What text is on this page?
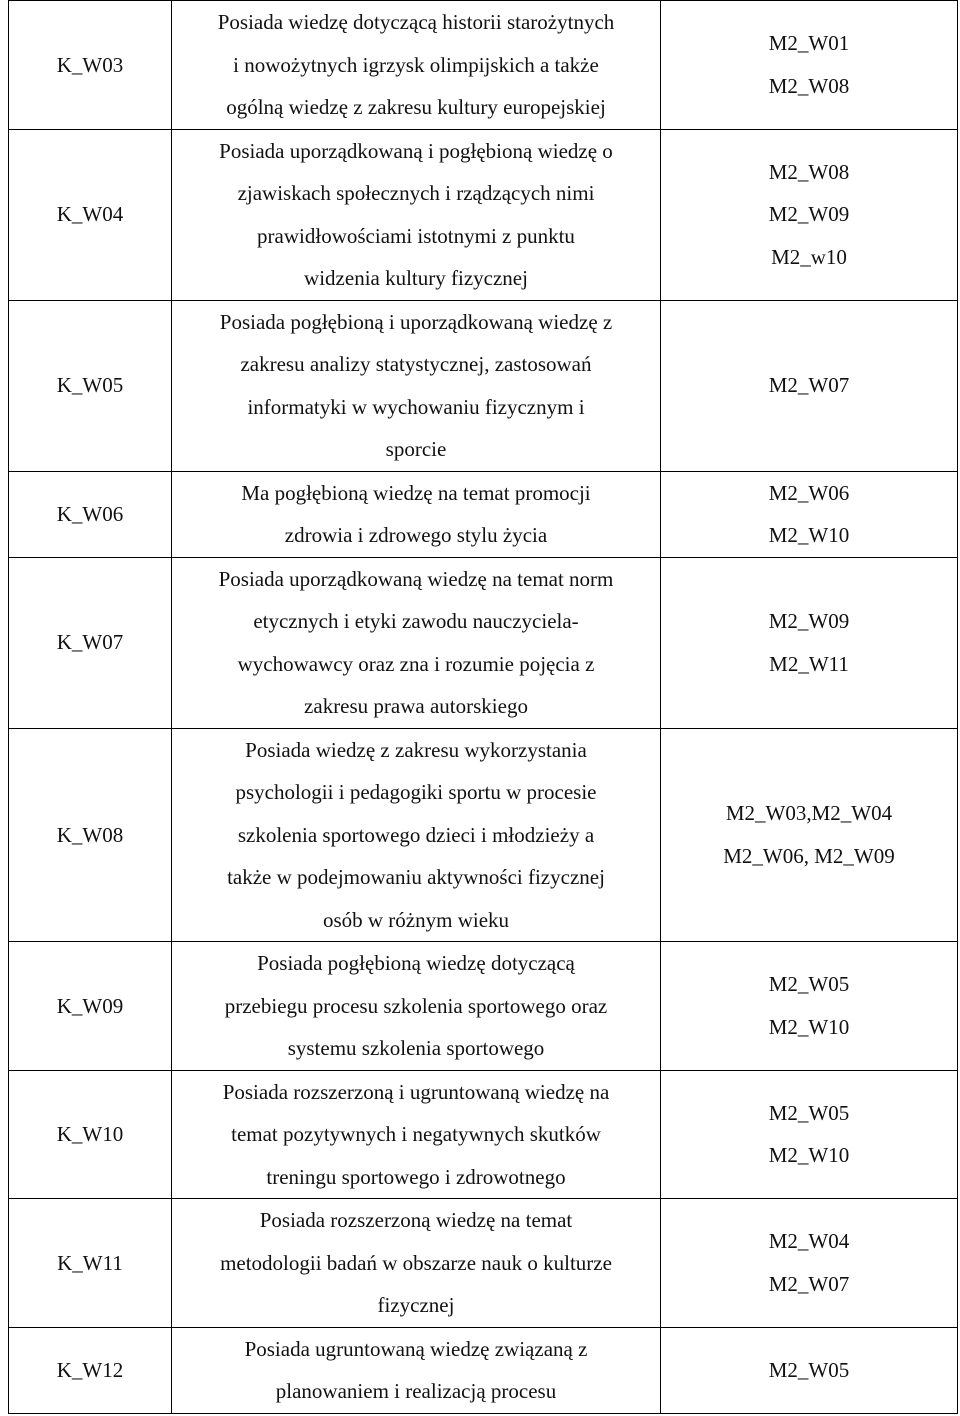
K_W03	Posiada wiedzę dotyczącą historii starożytnych
i nowożytnych igrzysk olimpijskich a także
ogólną wiedzę z zakresu kultury europejskiej	M2_W01
M2_W08

K_W04	Posiada uporządkowaną i pogłębioną wiedzę o
zjawiskach społecznych i rządzących nimi
prawidłowościami istotnymi z punktu
widzenia kultury fizycznej	M2_W08
M2_W09
M2_w10

K_W05	Posiada pogłębioną i uporządkowaną wiedzę z
zakresu analizy statystycznej, zastosowań
informatyki w wychowaniu fizycznym i
sporcie	M2_W07

K_W06	Ma pogłębioną wiedzę na temat promocji
zdrowia i zdrowego stylu życia	M2_W06
M2_W10

K_W07	Posiada uporządkowaną wiedzę na temat norm
etycznych i etyki zawodu nauczyciela-
wychowawcy oraz zna i rozumie pojęcia z
zakresu prawa autorskiego	M2_W09
M2_W11

K_W08	Posiada wiedzę z zakresu wykorzystania
psychologii i pedagogiki sportu w procesie
szkolenia sportowego dzieci i młodzieży a
także w podejmowaniu aktywności fizycznej
osób w różnym wieku	M2_W03,M2_W04
M2_W06, M2_W09

K_W09	Posiada pogłębioną wiedzę dotyczącą
przebiegu procesu szkolenia sportowego oraz
systemu szkolenia sportowego	M2_W05
M2_W10

K_W10	Posiada rozszerzoną i ugruntowaną wiedzę na
temat pozytywnych i negatywnych skutków
treningu sportowego i zdrowotnego	M2_W05
M2_W10

K_W11	Posiada rozszerzoną wiedzę na temat
metodologii badań w obszarze nauk o kulturze
fizycznej	M2_W04
M2_W07

K_W12	Posiada ugruntowaną wiedzę związaną z
planowaniem i realizacją procesu	M2_W05
